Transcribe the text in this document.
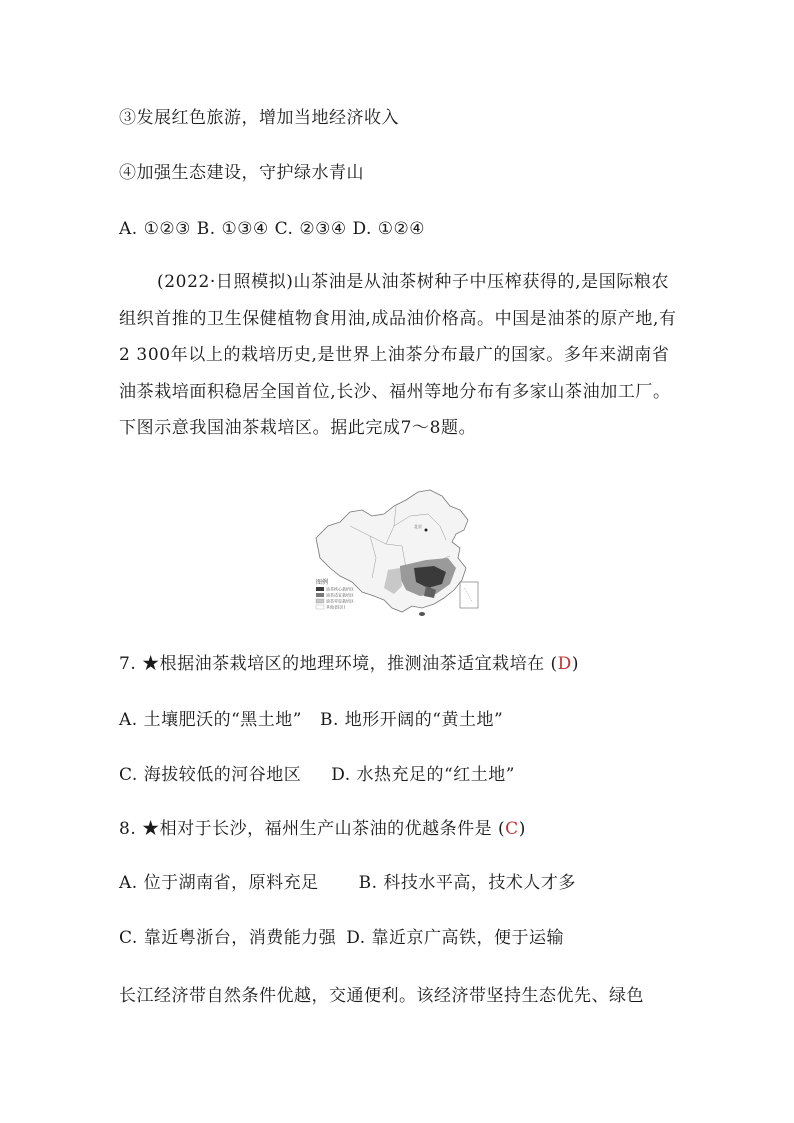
③发展红色旅游，增加当地经济收入
④加强生态建设，守护绿水青山
A. ①②③ B. ①③④ C. ②③④ D. ①②④
(2022·日照模拟)山茶油是从油茶树种子中压榨获得的,是国际粮农组织首推的卫生保健植物食用油,成品油价格高。中国是油茶的原产地,有2 300年以上的栽培历史,是世界上油茶分布最广的国家。多年来湖南省油茶栽培面积稳居全国首位,长沙、福州等地分布有多家山茶油加工厂。下图示意我国油茶栽培区。据此完成7～8题。
北京
图例
油茶核心栽培区
油茶适宜栽培区
油茶零星栽培区
其他省(区)
7. ★根据油茶栽培区的地理环境，推测油茶适宜栽培在 (D)
A. 土壤肥沃的“黑土地” B. 地形开阔的“黄土地”
C. 海拔较低的河谷地区 D. 水热充足的“红土地”
8. ★相对于长沙，福州生产山茶油的优越条件是 (C)
A. 位于湖南省，原料充足 B. 科技水平高，技术人才多
C. 靠近粤浙台，消费能力强 D. 靠近京广高铁，便于运输
长江经济带自然条件优越，交通便利。该经济带坚持生态优先、绿色
